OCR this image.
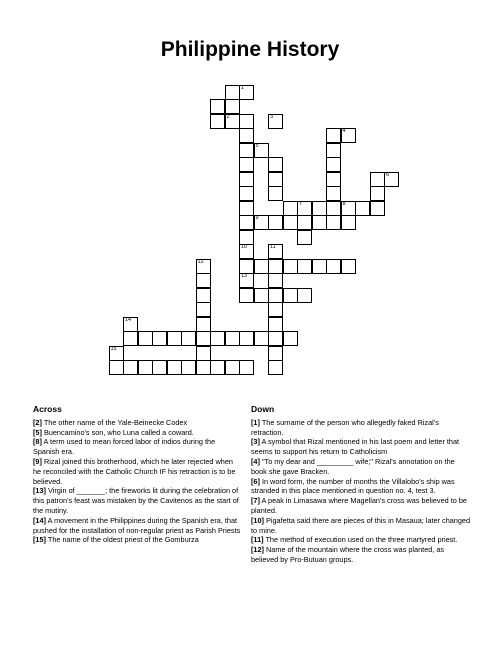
Philippine History
2
10
7	8
9
12
1
3
4
5
6
11
13
14
15
Across

[2] The other name of the Yale-Beinecke Codex

[5] Buencamino's son, who Luna called a coward.

[8] A term used to mean forced labor of indios during the Spanish era.

[9] Rizal joined this brotherhood, which he later rejected when he reconciled with the Catholic Church IF his retraction is to be believed.

[13] Virgin of _______; the fireworks lit during the celebration of this patron's feast was mistaken by the Cavitenos as the start of the mutiny.

[14] A movement in the Philippines during the Spanish era, that pushed for the installation of non-regular priest as Parish Priests

[15] The name of the oldest priest of the Gomburza

Down

[1] The surname of the person who allegedly faked Rizal's retraction.

[3] A symbol that Rizal mentioned in his last poem and letter that seems to support his return to Catholicism

[4] "To my dear and _________ wife;" Rizal's annotation on the book she gave Bracken.

[6] In word form, the number of months the Villalobo's ship was stranded in this place mentioned in question no. 4, test 3.

[7] A peak in Limasawa where Magellan's cross was believed to be planted.

[10] Pigafetta said there are pieces of this in Masaua; later changed to mine.

[11] The method of execution used on the three martyred priest.

[12] Name of the mountain where the cross was planted, as believed by Pro-Butuan groups.
